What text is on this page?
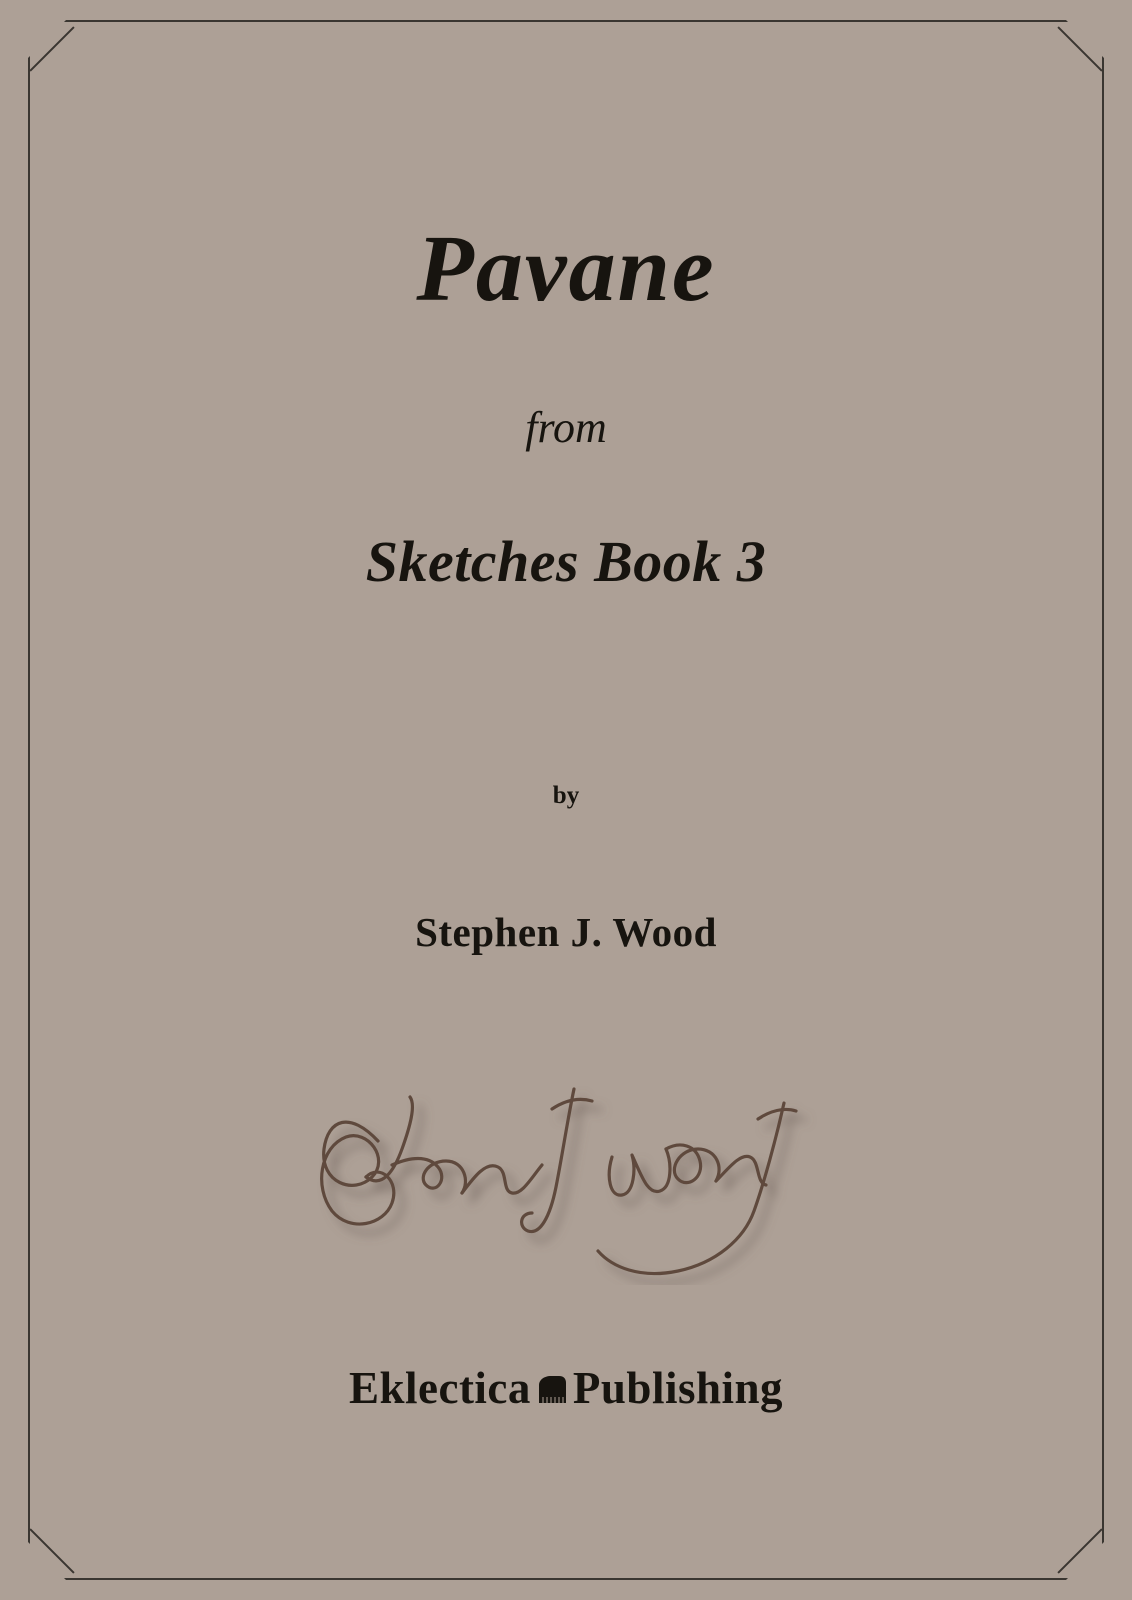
Pavane
from
Sketches Book 3
by
Stephen J. Wood
Eklectica Publishing
